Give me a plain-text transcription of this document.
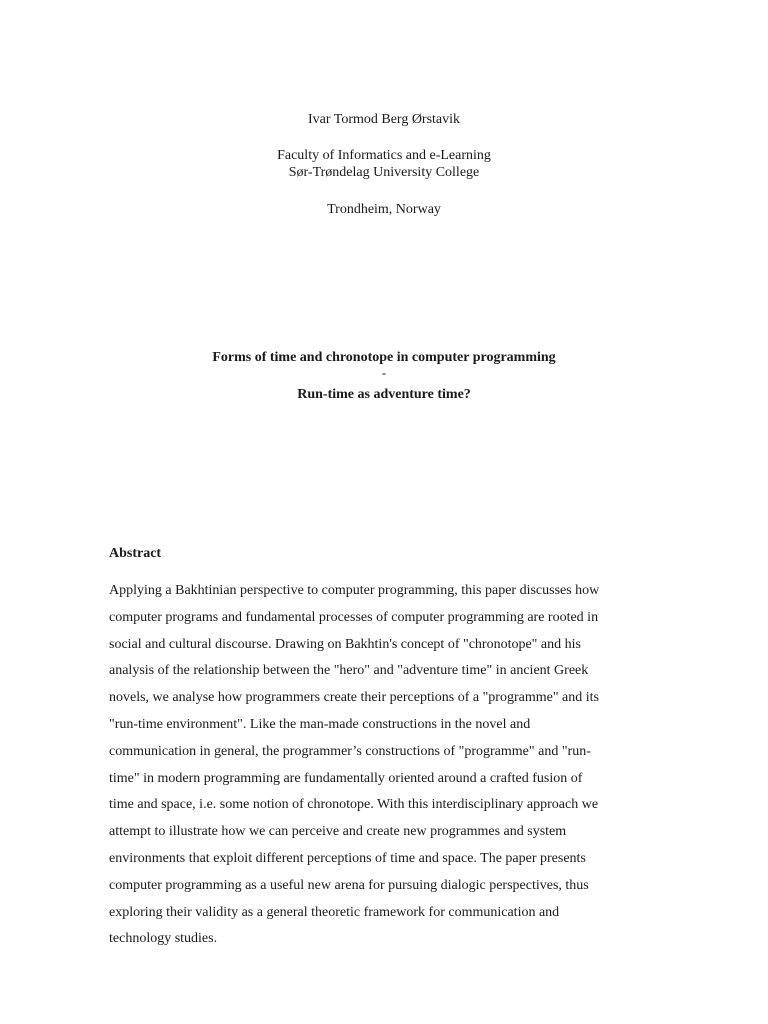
Ivar Tormod Berg Ørstavik
Faculty of Informatics and e-Learning
Sør-Trøndelag University College
Trondheim, Norway
Forms of time and chronotope in computer programming
-
Run-time as adventure time?
Abstract
Applying a Bakhtinian perspective to computer programming, this paper discusses how
computer programs and fundamental processes of computer programming are rooted in
social and cultural discourse. Drawing on Bakhtin's concept of "chronotope" and his
analysis of the relationship between the "hero" and "adventure time" in ancient Greek
novels, we analyse how programmers create their perceptions of a "programme" and its
"run-time environment". Like the man-made constructions in the novel and
communication in general, the programmer’s constructions of "programme" and "run-
time" in modern programming are fundamentally oriented around a crafted fusion of
time and space, i.e. some notion of chronotope. With this interdisciplinary approach we
attempt to illustrate how we can perceive and create new programmes and system
environments that exploit different perceptions of time and space. The paper presents
computer programming as a useful new arena for pursuing dialogic perspectives, thus
exploring their validity as a general theoretic framework for communication and
technology studies.
